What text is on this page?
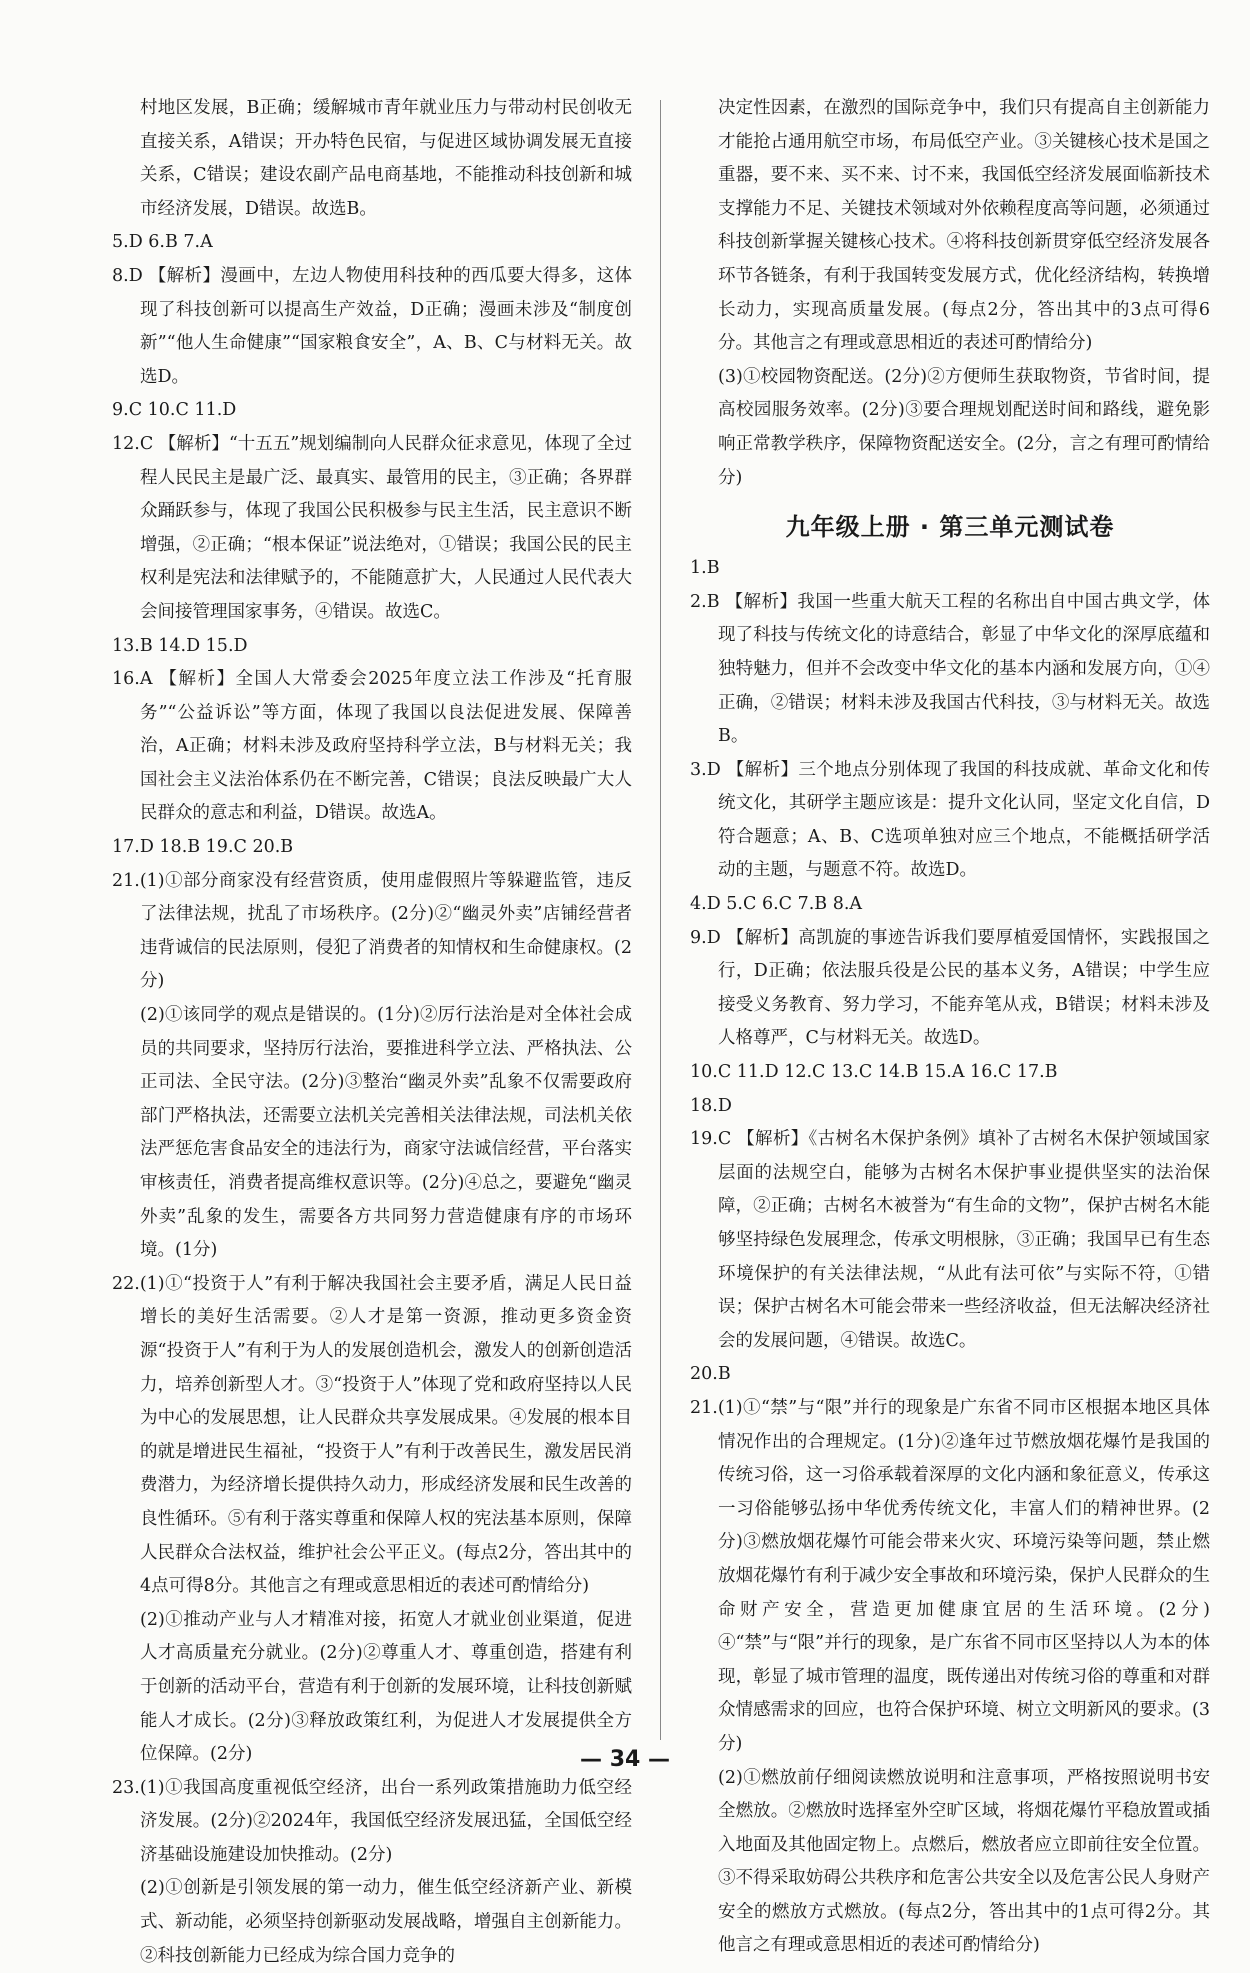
村地区发展，B正确；缓解城市青年就业压力与带动村民创收无直接关系，A错误；开办特色民宿，与促进区域协调发展无直接关系，C错误；建设农副产品电商基地，不能推动科技创新和城市经济发展，D错误。故选B。

5.D 6.B 7.A

8.D 【解析】漫画中，左边人物使用科技种的西瓜要大得多，这体现了科技创新可以提高生产效益，D正确；漫画未涉及“制度创新”“他人生命健康”“国家粮食安全”，A、B、C与材料无关。故选D。

9.C 10.C 11.D

12.C 【解析】“十五五”规划编制向人民群众征求意见，体现了全过程人民民主是最广泛、最真实、最管用的民主，③正确；各界群众踊跃参与，体现了我国公民积极参与民主生活，民主意识不断增强，②正确；“根本保证”说法绝对，①错误；我国公民的民主权利是宪法和法律赋予的，不能随意扩大，人民通过人民代表大会间接管理国家事务，④错误。故选C。

13.B 14.D 15.D

16.A 【解析】全国人大常委会2025年度立法工作涉及“托育服务”“公益诉讼”等方面，体现了我国以良法促进发展、保障善治，A正确；材料未涉及政府坚持科学立法，B与材料无关；我国社会主义法治体系仍在不断完善，C错误；良法反映最广大人民群众的意志和利益，D错误。故选A。

17.D 18.B 19.C 20.B

21.(1)①部分商家没有经营资质，使用虚假照片等躲避监管，违反了法律法规，扰乱了市场秩序。(2分)②“幽灵外卖”店铺经营者违背诚信的民法原则，侵犯了消费者的知情权和生命健康权。(2分)

(2)①该同学的观点是错误的。(1分)②厉行法治是对全体社会成员的共同要求，坚持厉行法治，要推进科学立法、严格执法、公正司法、全民守法。(2分)③整治“幽灵外卖”乱象不仅需要政府部门严格执法，还需要立法机关完善相关法律法规，司法机关依法严惩危害食品安全的违法行为，商家守法诚信经营，平台落实审核责任，消费者提高维权意识等。(2分)④总之，要避免“幽灵外卖”乱象的发生，需要各方共同努力营造健康有序的市场环境。(1分)

22.(1)①“投资于人”有利于解决我国社会主要矛盾，满足人民日益增长的美好生活需要。②人才是第一资源，推动更多资金资源“投资于人”有利于为人的发展创造机会，激发人的创新创造活力，培养创新型人才。③“投资于人”体现了党和政府坚持以人民为中心的发展思想，让人民群众共享发展成果。④发展的根本目的就是增进民生福祉，“投资于人”有利于改善民生，激发居民消费潜力，为经济增长提供持久动力，形成经济发展和民生改善的良性循环。⑤有利于落实尊重和保障人权的宪法基本原则，保障人民群众合法权益，维护社会公平正义。(每点2分，答出其中的4点可得8分。其他言之有理或意思相近的表述可酌情给分)

(2)①推动产业与人才精准对接，拓宽人才就业创业渠道，促进人才高质量充分就业。(2分)②尊重人才、尊重创造，搭建有利于创新的活动平台，营造有利于创新的发展环境，让科技创新赋能人才成长。(2分)③释放政策红利，为促进人才发展提供全方位保障。(2分)

23.(1)①我国高度重视低空经济，出台一系列政策措施助力低空经济发展。(2分)②2024年，我国低空经济发展迅猛，全国低空经济基础设施建设加快推动。(2分)

(2)①创新是引领发展的第一动力，催生低空经济新产业、新模式、新动能，必须坚持创新驱动发展战略，增强自主创新能力。②科技创新能力已经成为综合国力竞争的

决定性因素，在激烈的国际竞争中，我们只有提高自主创新能力才能抢占通用航空市场，布局低空产业。③关键核心技术是国之重器，要不来、买不来、讨不来，我国低空经济发展面临新技术支撑能力不足、关键技术领域对外依赖程度高等问题，必须通过科技创新掌握关键核心技术。④将科技创新贯穿低空经济发展各环节各链条，有利于我国转变发展方式，优化经济结构，转换增长动力，实现高质量发展。(每点2分，答出其中的3点可得6分。其他言之有理或意思相近的表述可酌情给分)

(3)①校园物资配送。(2分)②方便师生获取物资，节省时间，提高校园服务效率。(2分)③要合理规划配送时间和路线，避免影响正常教学秩序，保障物资配送安全。(2分，言之有理可酌情给分)

九年级上册 · 第三单元测试卷

1.B

2.B 【解析】我国一些重大航天工程的名称出自中国古典文学，体现了科技与传统文化的诗意结合，彰显了中华文化的深厚底蕴和独特魅力，但并不会改变中华文化的基本内涵和发展方向，①④正确，②错误；材料未涉及我国古代科技，③与材料无关。故选B。

3.D 【解析】三个地点分别体现了我国的科技成就、革命文化和传统文化，其研学主题应该是：提升文化认同，坚定文化自信，D符合题意；A、B、C选项单独对应三个地点，不能概括研学活动的主题，与题意不符。故选D。

4.D 5.C 6.C 7.B 8.A

9.D 【解析】高凯旋的事迹告诉我们要厚植爱国情怀，实践报国之行，D正确；依法服兵役是公民的基本义务，A错误；中学生应接受义务教育、努力学习，不能弃笔从戎，B错误；材料未涉及人格尊严，C与材料无关。故选D。

10.C 11.D 12.C 13.C 14.B 15.A 16.C 17.B

18.D

19.C 【解析】《古树名木保护条例》填补了古树名木保护领域国家层面的法规空白，能够为古树名木保护事业提供坚实的法治保障，②正确；古树名木被誉为“有生命的文物”，保护古树名木能够坚持绿色发展理念，传承文明根脉，③正确；我国早已有生态环境保护的有关法律法规，“从此有法可依”与实际不符，①错误；保护古树名木可能会带来一些经济收益，但无法解决经济社会的发展问题，④错误。故选C。

20.B

21.(1)①“禁”与“限”并行的现象是广东省不同市区根据本地区具体情况作出的合理规定。(1分)②逢年过节燃放烟花爆竹是我国的传统习俗，这一习俗承载着深厚的文化内涵和象征意义，传承这一习俗能够弘扬中华优秀传统文化，丰富人们的精神世界。(2分)③燃放烟花爆竹可能会带来火灾、环境污染等问题，禁止燃放烟花爆竹有利于减少安全事故和环境污染，保护人民群众的生命财产安全，营造更加健康宜居的生活环境。(2分)④“禁”与“限”并行的现象，是广东省不同市区坚持以人为本的体现，彰显了城市管理的温度，既传递出对传统习俗的尊重和对群众情感需求的回应，也符合保护环境、树立文明新风的要求。(3分)

(2)①燃放前仔细阅读燃放说明和注意事项，严格按照说明书安全燃放。②燃放时选择室外空旷区域，将烟花爆竹平稳放置或插入地面及其他固定物上。点燃后，燃放者应立即前往安全位置。③不得采取妨碍公共秩序和危害公共安全以及危害公民人身财产安全的燃放方式燃放。(每点2分，答出其中的1点可得2分。其他言之有理或意思相近的表述可酌情给分)

— 34 —
